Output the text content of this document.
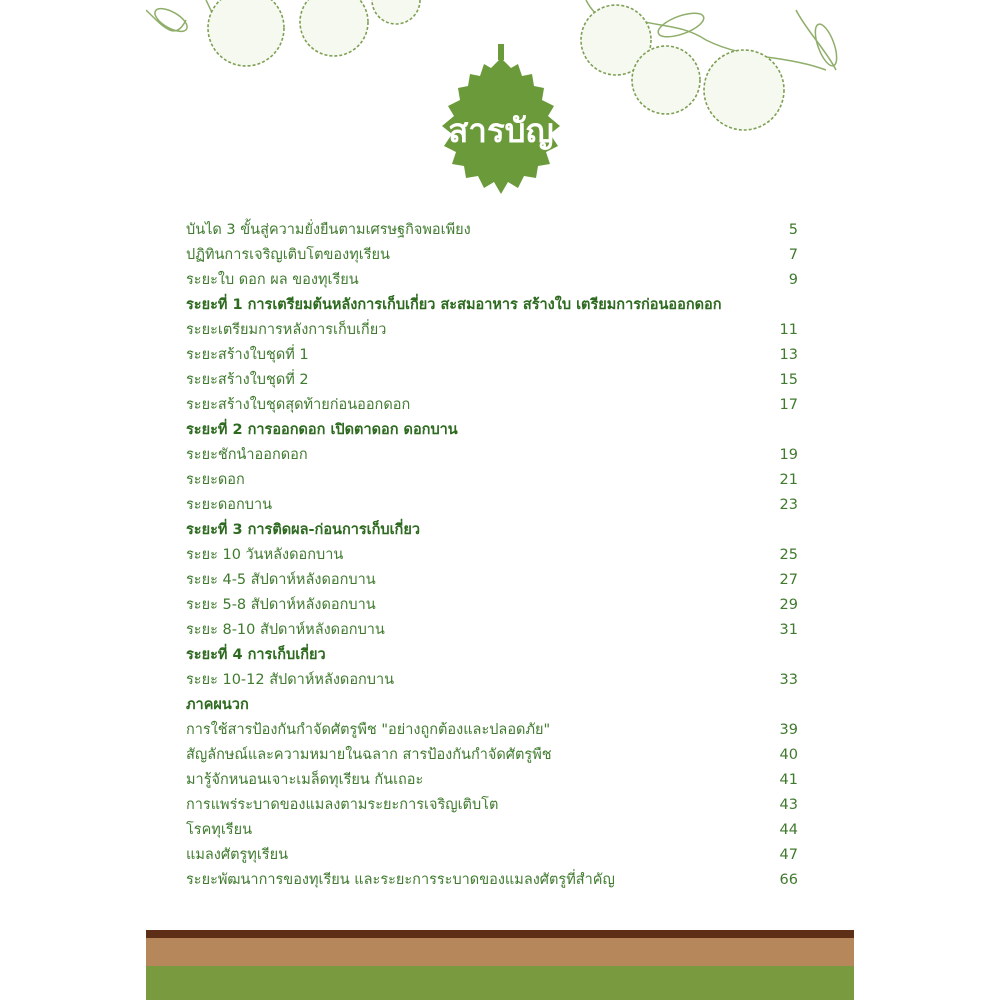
สารบัญ
บันได 3 ขั้นสู่ความยั่งยืนตามเศรษฐกิจพอเพียง	5
ปฏิทินการเจริญเติบโตของทุเรียน	7
ระยะใบ ดอก ผล ของทุเรียน	9
ระยะที่ 1 การเตรียมต้นหลังการเก็บเกี่ยว สะสมอาหาร สร้างใบ เตรียมการก่อนออกดอก
ระยะเตรียมการหลังการเก็บเกี่ยว	11
ระยะสร้างใบชุดที่ 1	13
ระยะสร้างใบชุดที่ 2	15
ระยะสร้างใบชุดสุดท้ายก่อนออกดอก	17
ระยะที่ 2 การออกดอก เปิดตาดอก ดอกบาน
ระยะชักนำออกดอก	19
ระยะดอก	21
ระยะดอกบาน	23
ระยะที่ 3 การติดผล-ก่อนการเก็บเกี่ยว
ระยะ 10 วันหลังดอกบาน	25
ระยะ 4-5 สัปดาห์หลังดอกบาน	27
ระยะ 5-8 สัปดาห์หลังดอกบาน	29
ระยะ 8-10 สัปดาห์หลังดอกบาน	31
ระยะที่ 4 การเก็บเกี่ยว
ระยะ 10-12 สัปดาห์หลังดอกบาน	33
ภาคผนวก
การใช้สารป้องกันกำจัดศัตรูพืช "อย่างถูกต้องและปลอดภัย"	39
สัญลักษณ์และความหมายในฉลาก สารป้องกันกำจัดศัตรูพืช	40
มารู้จักหนอนเจาะเมล็ดทุเรียน กันเถอะ	41
การแพร่ระบาดของแมลงตามระยะการเจริญเติบโต	43
โรคทุเรียน	44
แมลงศัตรูทุเรียน	47
ระยะพัฒนาการของทุเรียน และระยะการระบาดของแมลงศัตรูที่สำคัญ	66
